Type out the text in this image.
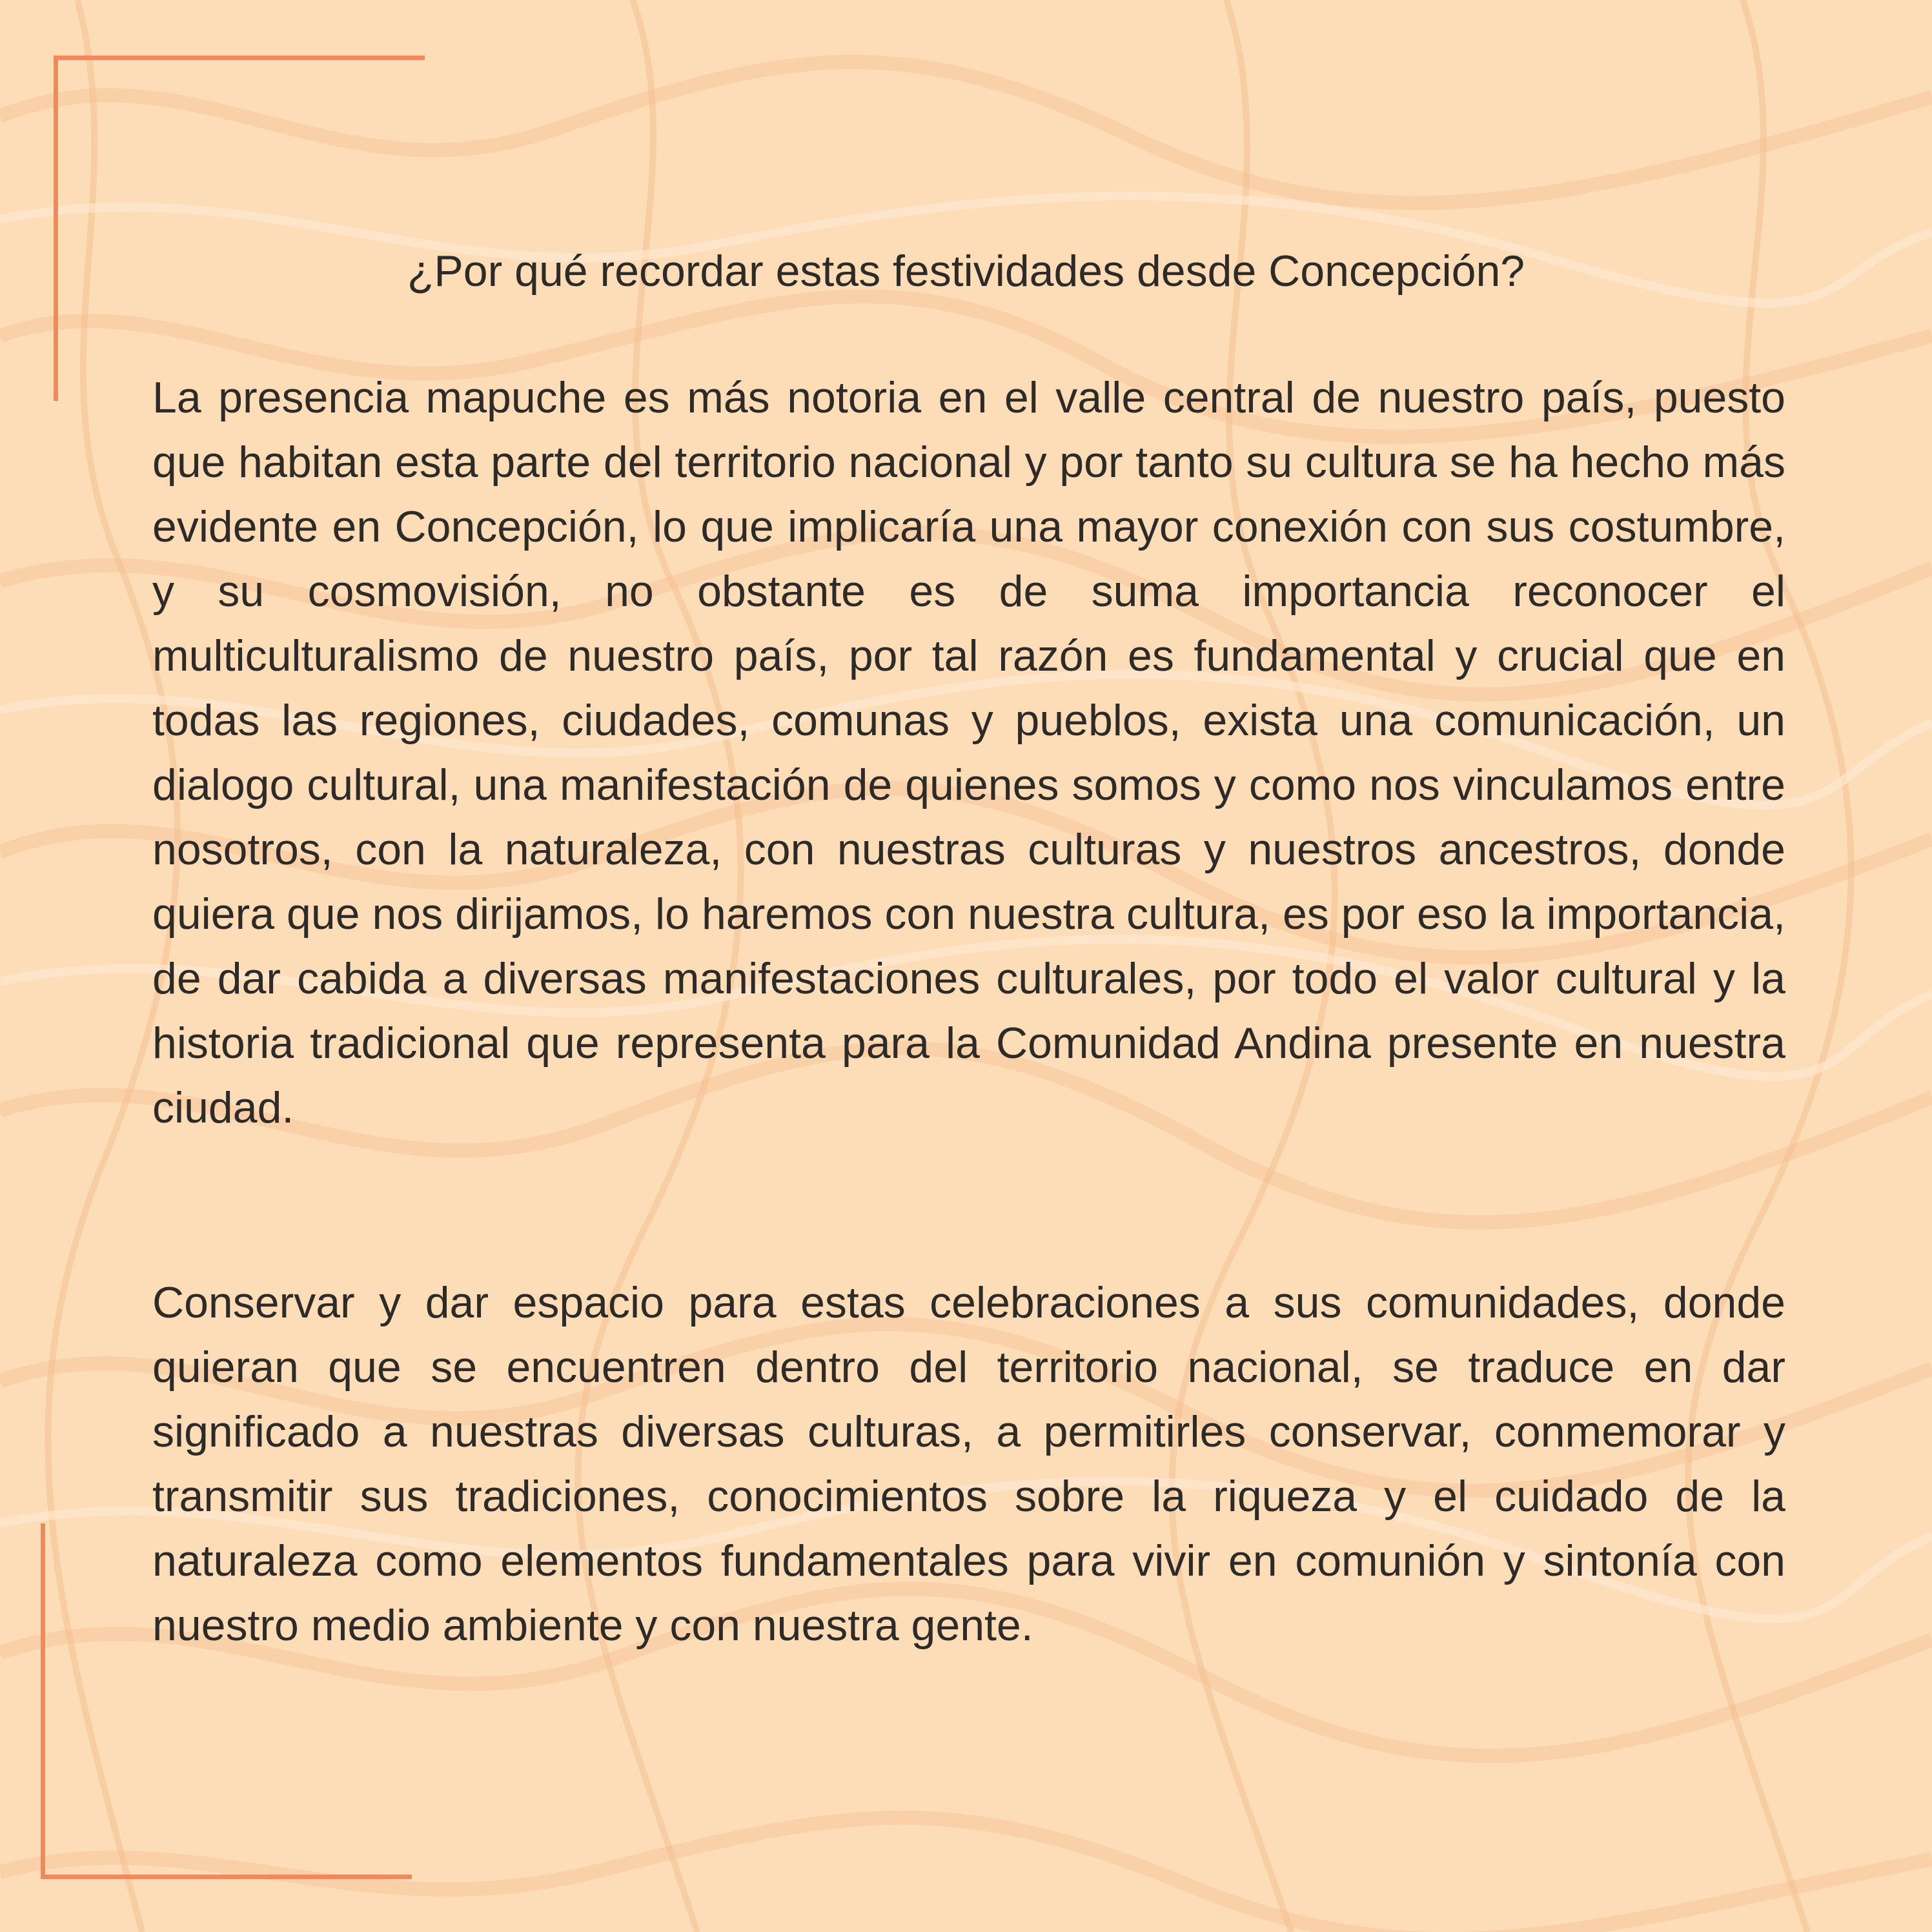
¿Por qué recordar estas festividades desde Concepción?

La presencia mapuche es más notoria en el valle central de nuestro país, puesto que habitan esta parte del territorio nacional y por tanto su cultura se ha hecho más evidente en Concepción, lo que implicaría una mayor conexión con sus costumbre, y su cosmovisión, no obstante es de suma importancia reconocer el multiculturalismo de nuestro país, por tal razón es fundamental y crucial que en todas las regiones, ciudades, comunas y pueblos, exista una comunicación, un dialogo cultural, una manifestación de quienes somos y como nos vinculamos entre nosotros, con la naturaleza, con nuestras culturas y nuestros ancestros, donde quiera que nos dirijamos, lo haremos con nuestra cultura, es por eso la importancia, de dar cabida a diversas manifestaciones culturales, por todo el valor cultural y la historia tradicional que representa para la Comunidad Andina presente en nuestra ciudad.

Conservar y dar espacio para estas celebraciones a sus comunidades, donde quieran que se encuentren dentro del territorio nacional, se traduce en dar significado a nuestras diversas culturas, a permitirles conservar, conmemorar y transmitir sus tradiciones, conocimientos sobre la riqueza y el cuidado de la naturaleza como elementos fundamentales para vivir en comunión y sintonía con nuestro medio ambiente y con nuestra gente.
